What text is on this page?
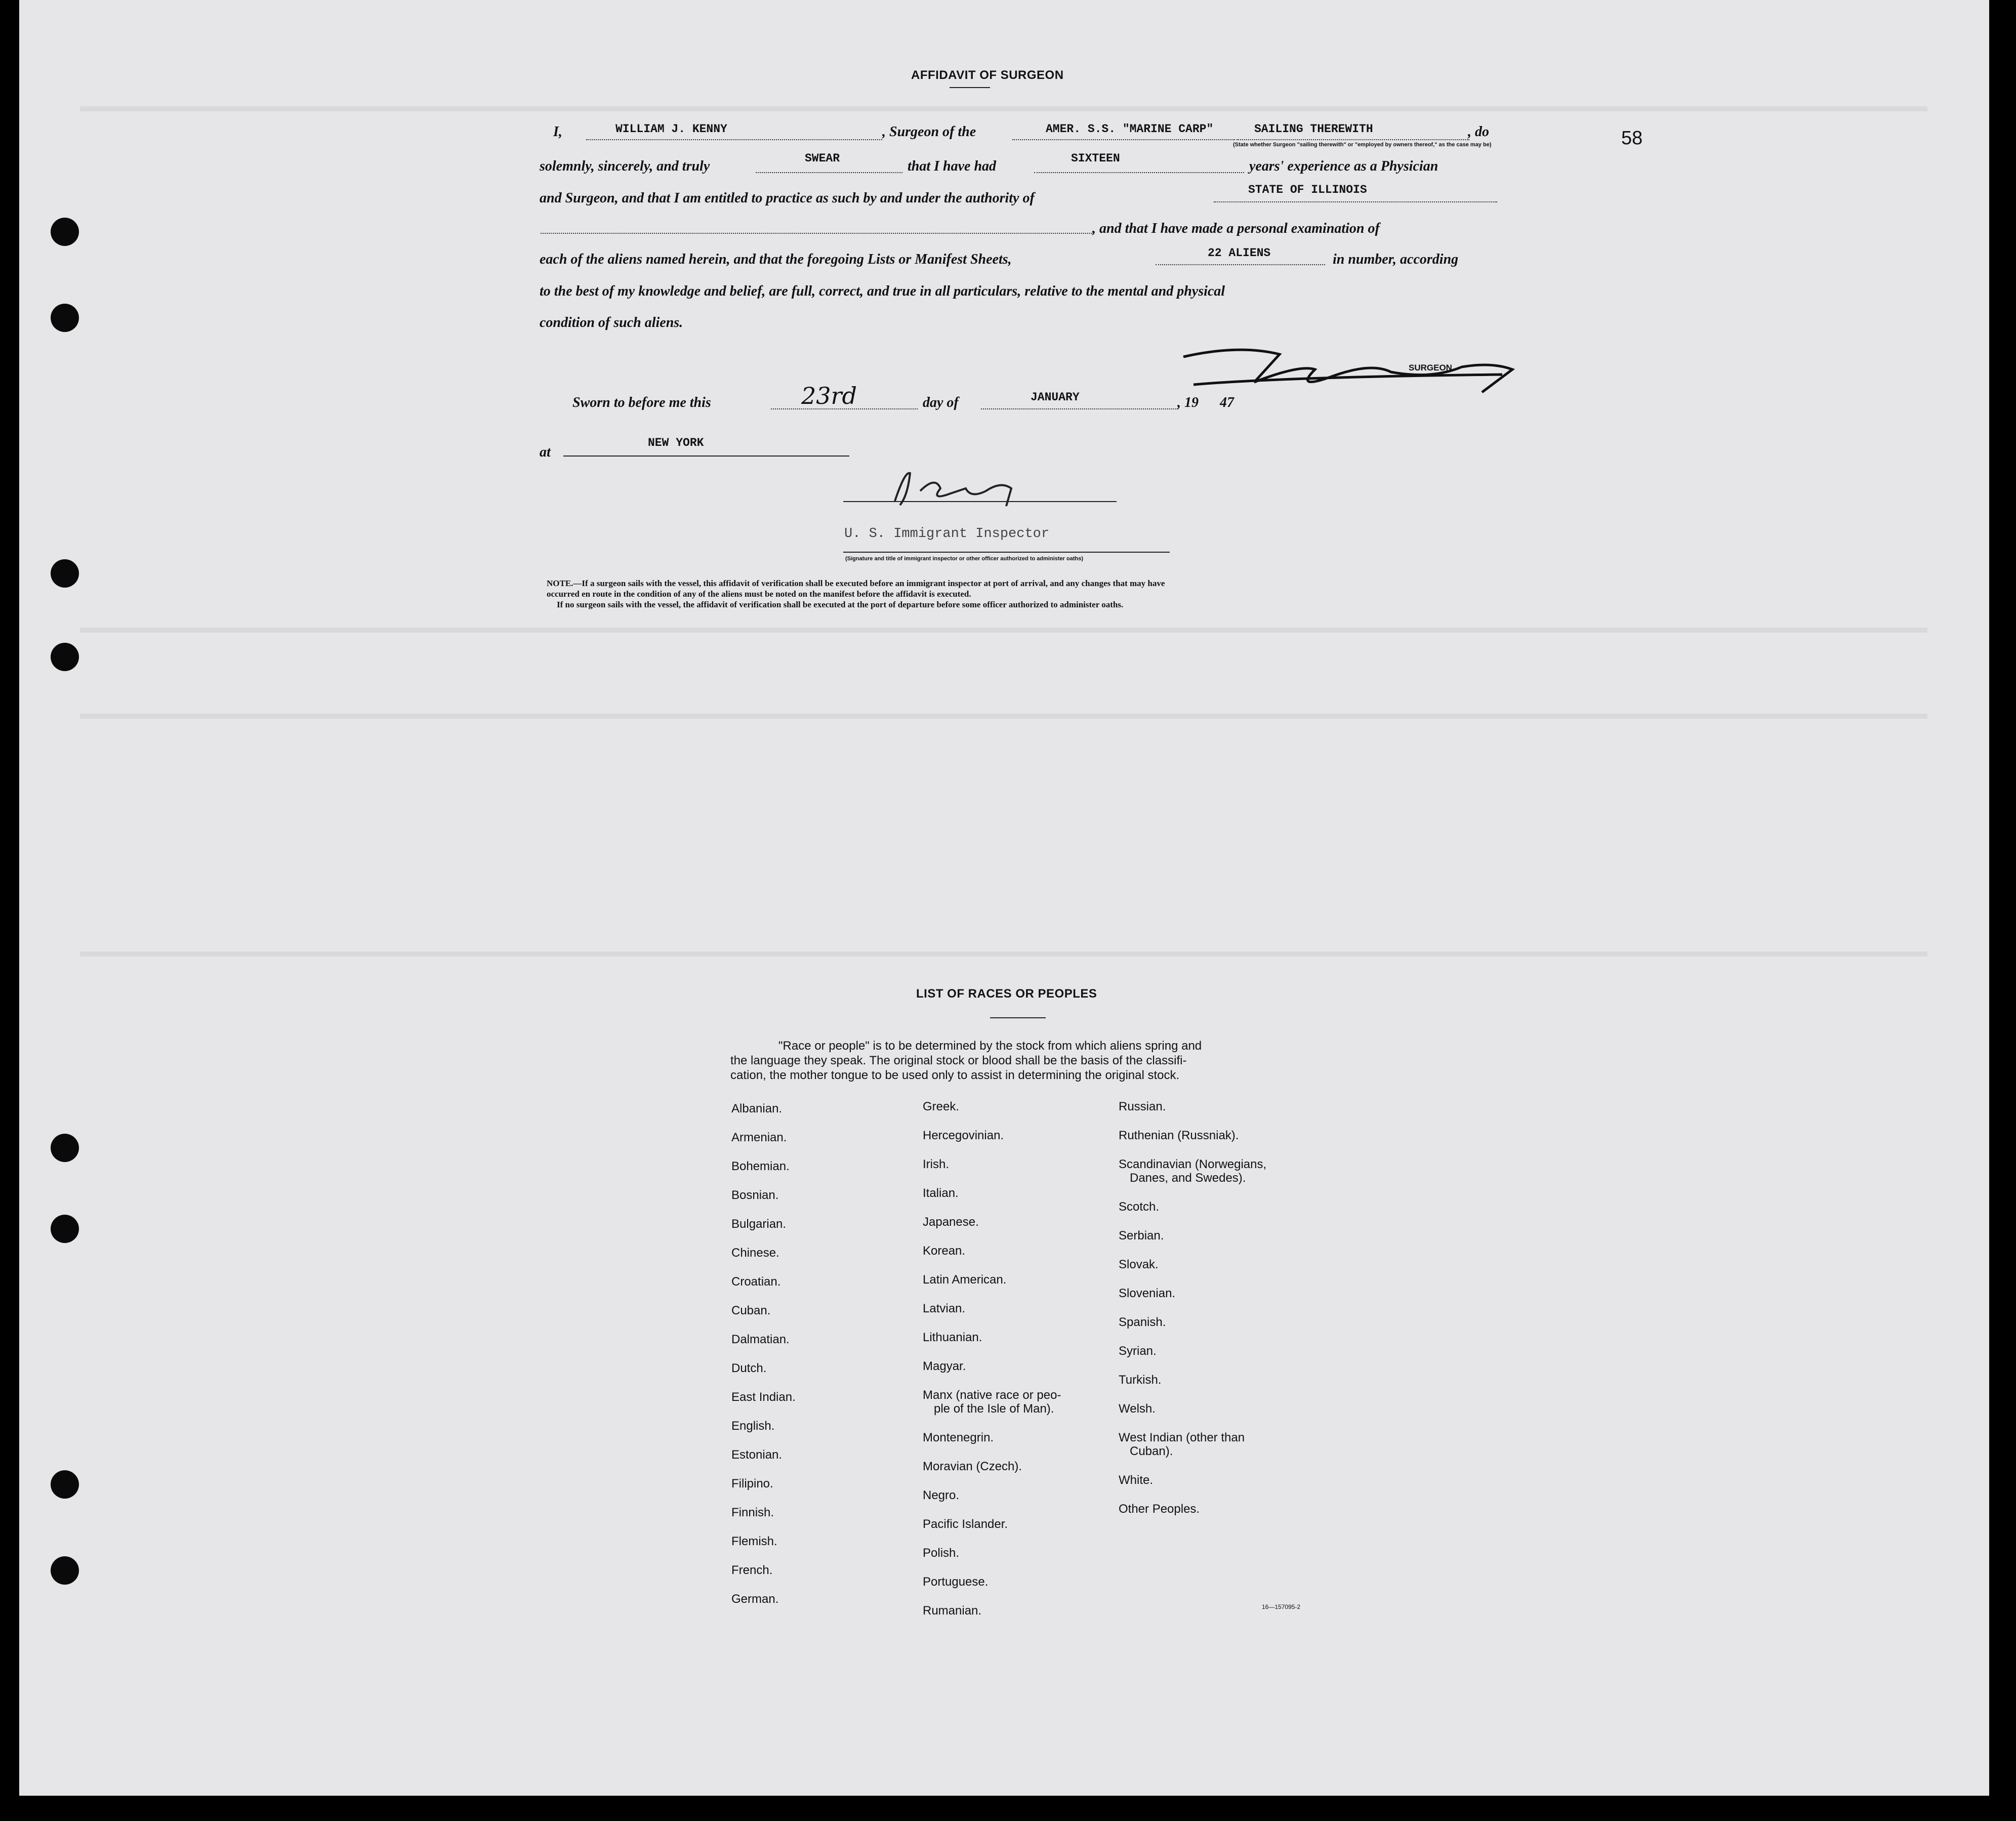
58
AFFIDAVIT OF SURGEON
I,	WILLIAM J. KENNY	, Surgeon of the	AMER. S.S. "MARINE CARP"	SAILING THEREWITH
(State whether Surgeon "sailing therewith" or "employed by owners thereof," as the case may be)
, do
solemnly, sincerely, and truly	SWEAR	that I have had	SIXTEEN	years' experience as a Physician
and Surgeon, and that I am entitled to practice as such by and under the authority of
STATE OF ILLINOIS
, and that I have made a personal examination of
each of the aliens named herein, and that the foregoing Lists or Manifest Sheets,	22 ALIENS	in number, according
to the best of my knowledge and belief, are full, correct, and true in all particulars, relative to the mental and physical
condition of such aliens.
SURGEON
Sworn to before me this	23rd	day of	JANUARY	, 19 47
at
NEW YORK
U. S. Immigrant Inspector
(Signature and title of immigrant inspector or other officer authorized to administer oaths)
NOTE.—If a surgeon sails with the vessel, this affidavit of verification shall be executed before an immigrant inspector at port of arrival, and any changes that may have
occurred en route in the condition of any of the aliens must be noted on the manifest before the affidavit is executed.
If no surgeon sails with the vessel, the affidavit of verification shall be executed at the port of departure before some officer authorized to administer oaths.
LIST OF RACES OR PEOPLES
"Race or people" is to be determined by the stock from which aliens spring and
the language they speak. The original stock or blood shall be the basis of the classifi-
cation, the mother tongue to be used only to assist in determining the original stock.
Albanian.
Armenian.
Bohemian.
Bosnian.
Bulgarian.
Chinese.
Croatian.
Cuban.
Dalmatian.
Dutch.
East Indian.
English.
Estonian.
Filipino.
Finnish.
Flemish.
French.
German.
Greek.
Hercegovinian.
Irish.
Italian.
Japanese.
Korean.
Latin American.
Latvian.
Lithuanian.
Magyar.
Manx (native race or peo-
ple of the Isle of Man).
Montenegrin.
Moravian (Czech).
Negro.
Pacific Islander.
Polish.
Portuguese.
Rumanian.
Russian.
Ruthenian (Russniak).
Scandinavian (Norwegians,
Danes, and Swedes).
Scotch.
Serbian.
Slovak.
Slovenian.
Spanish.
Syrian.
Turkish.
Welsh.
West Indian (other than
Cuban).
White.
Other Peoples.
16—157095-2
